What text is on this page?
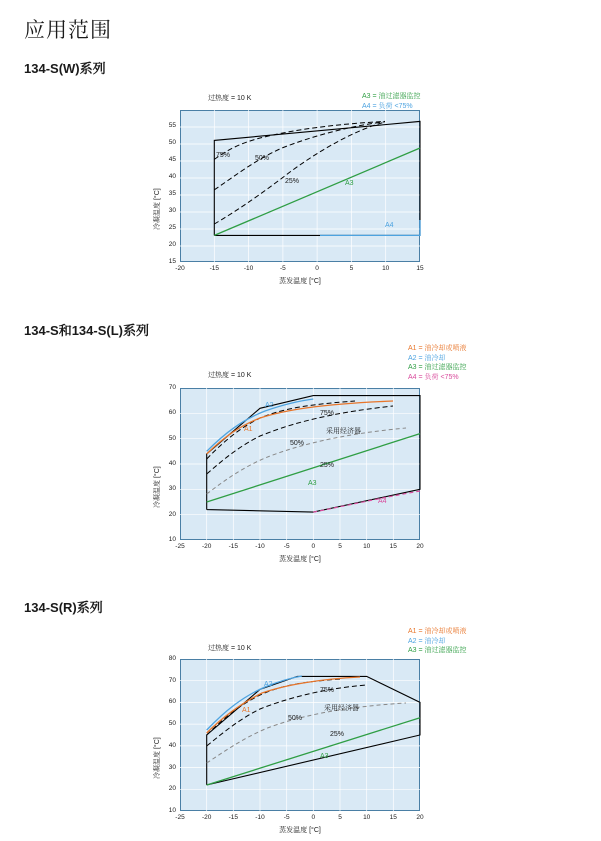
应用范围
134-S(W)系列
过热度 = 10 K	A3 = 油过滤器监控
A4 = 负荷 <75%
75%	50%
25%	A3
A4
15
20
25
30
35
40
45
50
55
-20	-15	-10	-5	0	5	10	15
冷凝温度 [°C]
蒸发温度 [°C]
134-S和134-S(L)系列
过热度 = 10 K
A1 = 油冷却或喷液
A2 = 油冷却
A3 = 油过滤器监控
A4 = 负荷 <75%
75%
50%
25%
A1
A2
A3
A4
采用经济器
10
20
30
40
50
60
70
-25	-20	-15	-10	-5	0	5	10	15	20
冷凝温度 [°C]
蒸发温度 [°C]
134-S(R)系列
过热度 = 10 K
A1 = 油冷却或喷液
A2 = 油冷却
A3 = 油过滤器监控
75%
50%
25%
A1
A2
A3
采用经济器
10
20
30
40
50
60
70
80
-25	-20	-15	-10	-5	0	5	10	15	20
冷凝温度 [°C]
蒸发温度 [°C]
